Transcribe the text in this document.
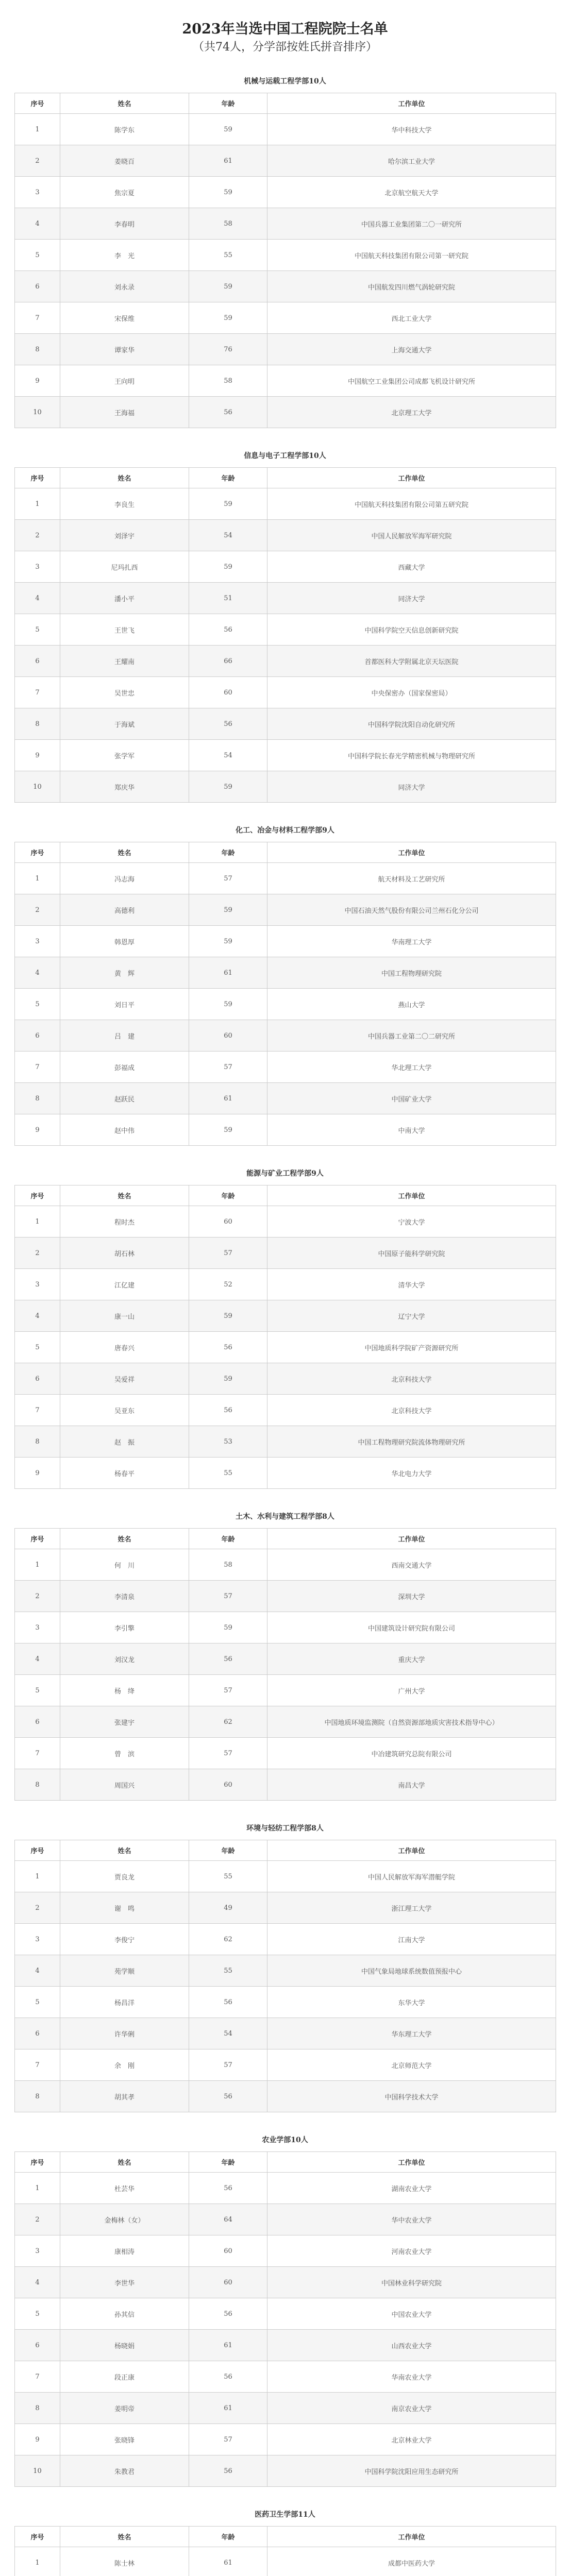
2023年当选中国工程院院士名单
（共74人，分学部按姓氏拼音排序）
机械与运载工程学部10人
序号	姓名	年龄	工作单位
1	陈学东	59	华中科技大学
2	姜晓百	61	哈尔滨工业大学
3	焦宗夏	59	北京航空航天大学
4	李春明	58	中国兵器工业集团第二〇一研究所
5	李　光	55	中国航天科技集团有限公司第一研究院
6	刘永录	59	中国航发四川燃气涡轮研究院
7	宋保维	59	西北工业大学
8	谭家华	76	上海交通大学
9	王向明	58	中国航空工业集团公司成都飞机设计研究所
10	王海福	56	北京理工大学
信息与电子工程学部10人
序号	姓名	年龄	工作单位
1	李良生	59	中国航天科技集团有限公司第五研究院
2	刘泽宇	54	中国人民解放军海军研究院
3	尼玛扎西	59	西藏大学
4	潘小平	51	同济大学
5	王世飞	56	中国科学院空天信息创新研究院
6	王耀南	66	首都医科大学附属北京天坛医院
7	吴世忠	60	中央保密办（国家保密局）
8	于海斌	56	中国科学院沈阳自动化研究所
9	张学军	54	中国科学院长春光学精密机械与物理研究所
10	郑庆华	59	同济大学
化工、冶金与材料工程学部9人
序号	姓名	年龄	工作单位
1	冯志海	57	航天材料及工艺研究所
2	高德利	59	中国石油天然气股份有限公司兰州石化分公司
3	韩恩厚	59	华南理工大学
4	黄　辉	61	中国工程物理研究院
5	刘日平	59	燕山大学
6	吕　建	60	中国兵器工业第二〇二研究所
7	彭福成	57	华北理工大学
8	赵跃民	61	中国矿业大学
9	赵中伟	59	中南大学
能源与矿业工程学部9人
序号	姓名	年龄	工作单位
1	程时杰	60	宁波大学
2	胡石林	57	中国原子能科学研究院
3	江亿建	52	清华大学
4	康一山	59	辽宁大学
5	唐春兴	56	中国地质科学院矿产资源研究所
6	吴爱祥	59	北京科技大学
7	吴亚东	56	北京科技大学
8	赵　振	53	中国工程物理研究院流体物理研究所
9	杨春平	55	华北电力大学
土木、水利与建筑工程学部8人
序号	姓名	年龄	工作单位
1	何　川	58	西南交通大学
2	李清泉	57	深圳大学
3	李引擎	59	中国建筑设计研究院有限公司
4	刘汉龙	56	重庆大学
5	杨　绛	57	广州大学
6	张建宇	62	中国地质环境监测院（自然资源部地质灾害技术指导中心）
7	曾　滨	57	中冶建筑研究总院有限公司
8	周国兴	60	南昌大学
环境与轻纺工程学部8人
序号	姓名	年龄	工作单位
1	贾良龙	55	中国人民解放军海军潜艇学院
2	谢　鸣	49	浙江理工大学
3	李俊宁	62	江南大学
4	苑学顺	55	中国气象局地球系统数值预报中心
5	杨昌洋	56	东华大学
6	许华俐	54	华东理工大学
7	余　刚	57	北京师范大学
8	胡其孝	56	中国科学技术大学
农业学部10人
序号	姓名	年龄	工作单位
1	杜芸华	56	湖南农业大学
2	金梅林（女）	64	华中农业大学
3	康相涛	60	河南农业大学
4	李世华	60	中国林业科学研究院
5	孙其信	56	中国农业大学
6	杨晓娟	61	山西农业大学
7	段正康	56	华南农业大学
8	姜明帝	61	南京农业大学
9	张晓锋	57	北京林业大学
10	朱教君	56	中国科学院沈阳应用生态研究所
医药卫生学部11人
序号	姓名	年龄	工作单位
1	陈士林	61	成都中医药大学
